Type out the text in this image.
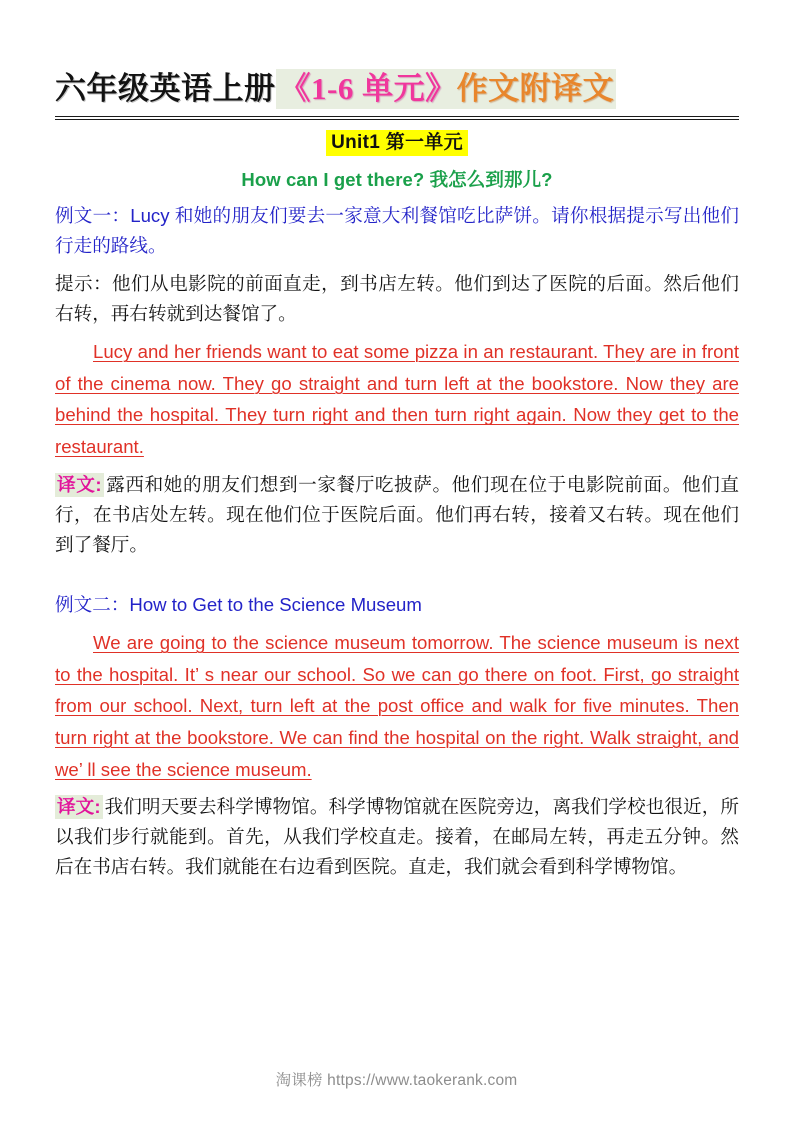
六年级英语上册 《1-6 单元》作文附译文
Unit1 第一单元
How can I get there? 我怎么到那儿?

例文一：Lucy 和她的朋友们要去一家意大利餐馆吃比萨饼。请你根据提示写出他们行走的路线。

提示：他们从电影院的前面直走，到书店左转。他们到达了医院的后面。然后他们右转，再右转就到达餐馆了。

Lucy and her friends want to eat some pizza in an restaurant. They are in front of the cinema now. They go straight and turn left at the bookstore. Now they are behind the hospital. They turn right and then turn right again. Now they get to the restaurant.

译文: 露西和她的朋友们想到一家餐厅吃披萨。他们现在位于电影院前面。他们直行，在书店处左转。现在他们位于医院后面。他们再右转，接着又右转。现在他们到了餐厅。

例文二：How to Get to the Science Museum

We are going to the science museum tomorrow. The science museum is next to the hospital. It’ s near our school. So we can go there on foot. First, go straight from our school. Next, turn left at the post office and walk for five minutes. Then turn right at the bookstore. We can find the hospital on the right. Walk straight, and we’ ll see the science museum.

译文: 我们明天要去科学博物馆。科学博物馆就在医院旁边，离我们学校也很近，所以我们步行就能到。首先，从我们学校直走。接着，在邮局左转，再走五分钟。然后在书店右转。我们就能在右边看到医院。直走，我们就会看到科学博物馆。

淘课榜 https://www.taokerank.com
